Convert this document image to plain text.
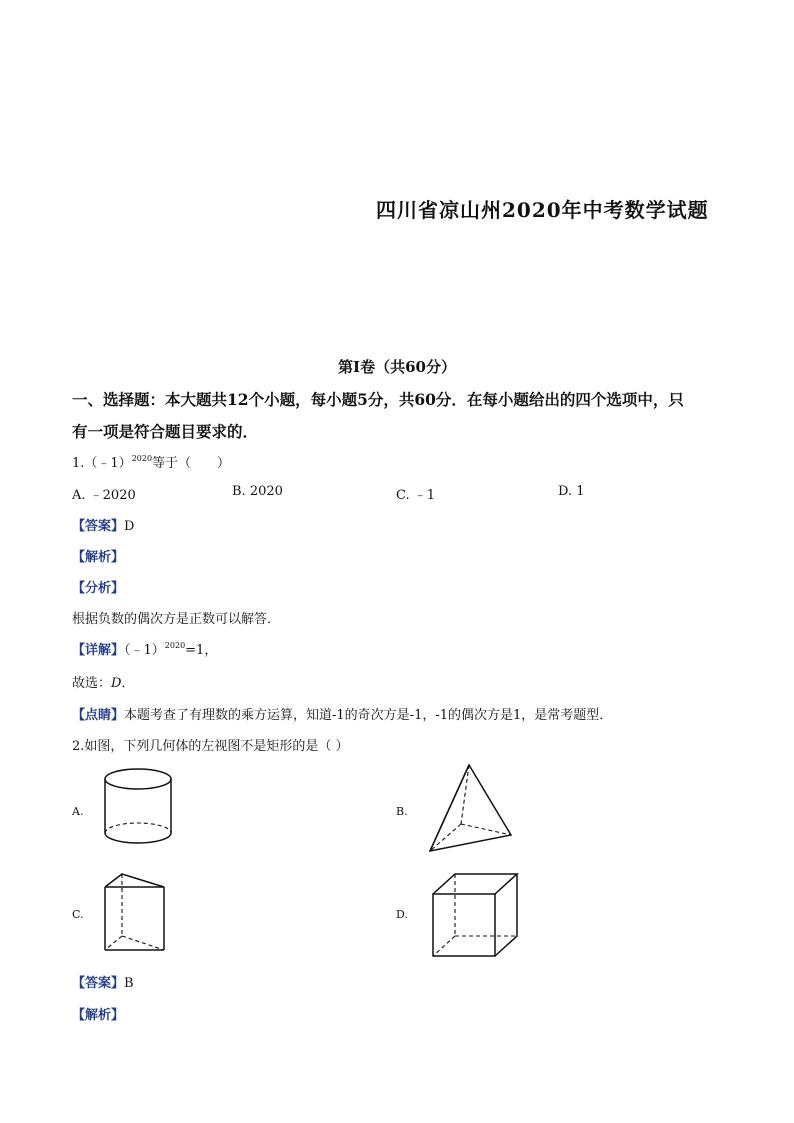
四川省凉山州2020年中考数学试题
第Ⅰ卷（共60分）
一、选择题：本大题共12个小题，每小题5分，共60分．在每小题给出的四个选项中，只
有一项是符合题目要求的．
1.（﹣1）$^{2020}$等于（　　）
A. ﹣2020	B. 2020	C. ﹣1	D. 1
【答案】D
【解析】
【分析】
根据负数的偶次方是正数可以解答．
【详解】（﹣1）$^{2020}$=1，
故选：D．
【点睛】本题考查了有理数的乘方运算，知道-1的奇次方是-1，-1的偶次方是1，是常考题型．
2.如图，下列几何体的左视图不是矩形的是（ ）
A.	B.
C.	D.
【答案】B
【解析】
